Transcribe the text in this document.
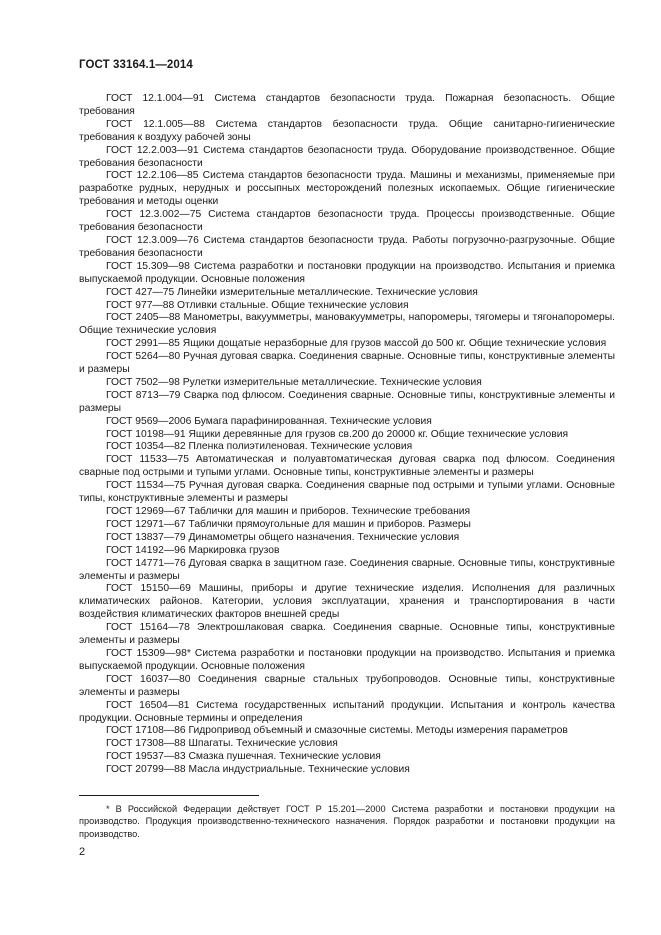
ГОСТ 33164.1—2014

ГОСТ 12.1.004—91 Система стандартов безопасности труда. Пожарная безопасность. Общие требования

ГОСТ 12.1.005—88 Система стандартов безопасности труда. Общие санитарно-гигиенические требования к воздуху рабочей зоны

ГОСТ 12.2.003—91 Система стандартов безопасности труда. Оборудование производственное. Общие требования безопасности

ГОСТ 12.2.106—85 Система стандартов безопасности труда. Машины и механизмы, применяемые при разработке рудных, нерудных и россыпных месторождений полезных ископаемых. Общие гигиенические требования и методы оценки

ГОСТ 12.3.002—75 Система стандартов безопасности труда. Процессы производственные. Общие требования безопасности

ГОСТ 12.3.009—76 Система стандартов безопасности труда. Работы погрузочно-разгрузочные. Общие требования безопасности

ГОСТ 15.309—98 Система разработки и постановки продукции на производство. Испытания и приемка выпускаемой продукции. Основные положения

ГОСТ 427—75 Линейки измерительные металлические. Технические условия

ГОСТ 977—88 Отливки стальные. Общие технические условия

ГОСТ 2405—88 Манометры, вакуумметры, мановакуумметры, напоромеры, тягомеры и тягонапоромеры. Общие технические условия

ГОСТ 2991—85 Ящики дощатые неразборные для грузов массой до 500 кг. Общие технические условия

ГОСТ 5264—80 Ручная дуговая сварка. Соединения сварные. Основные типы, конструктивные элементы и размеры

ГОСТ 7502—98 Рулетки измерительные металлические. Технические условия

ГОСТ 8713—79 Сварка под флюсом. Соединения сварные. Основные типы, конструктивные элементы и размеры

ГОСТ 9569—2006 Бумага парафинированная. Технические условия

ГОСТ 10198—91 Ящики деревянные для грузов св.200 до 20000 кг. Общие технические условия

ГОСТ 10354—82 Пленка полиэтиленовая. Технические условия

ГОСТ 11533—75 Автоматическая и полуавтоматическая дуговая сварка под флюсом. Соединения сварные под острыми и тупыми углами. Основные типы, конструктивные элементы и размеры

ГОСТ 11534—75 Ручная дуговая сварка. Соединения сварные под острыми и тупыми углами. Основные типы, конструктивные элементы и размеры

ГОСТ 12969—67 Таблички для машин и приборов. Технические требования

ГОСТ 12971—67 Таблички прямоугольные для машин и приборов. Размеры

ГОСТ 13837—79 Динамометры общего назначения. Технические условия

ГОСТ 14192—96 Маркировка грузов

ГОСТ 14771—76 Дуговая сварка в защитном газе. Соединения сварные. Основные типы, конструктивные элементы и размеры

ГОСТ 15150—69 Машины, приборы и другие технические изделия. Исполнения для различных климатических районов. Категории, условия эксплуатации, хранения и транспортирования в части воздействия климатических факторов внешней среды

ГОСТ 15164—78 Электрошлаковая сварка. Соединения сварные. Основные типы, конструктивные элементы и размеры

ГОСТ 15309—98* Система разработки и постановки продукции на производство. Испытания и приемка выпускаемой продукции. Основные положения

ГОСТ 16037—80 Соединения сварные стальных трубопроводов. Основные типы, конструктивные элементы и размеры

ГОСТ 16504—81 Система государственных испытаний продукции. Испытания и контроль качества продукции. Основные термины и определения

ГОСТ 17108—86 Гидропривод объемный и смазочные системы. Методы измерения параметров

ГОСТ 17308—88 Шпагаты. Технические условия

ГОСТ 19537—83 Смазка пушечная. Технические условия

ГОСТ 20799—88 Масла индустриальные. Технические условия

* В Российской Федерации действует ГОСТ Р 15.201—2000 Система разработки и постановки продукции на производство. Продукция производственно-технического назначения. Порядок разработки и постановки продукции на производство.

2
